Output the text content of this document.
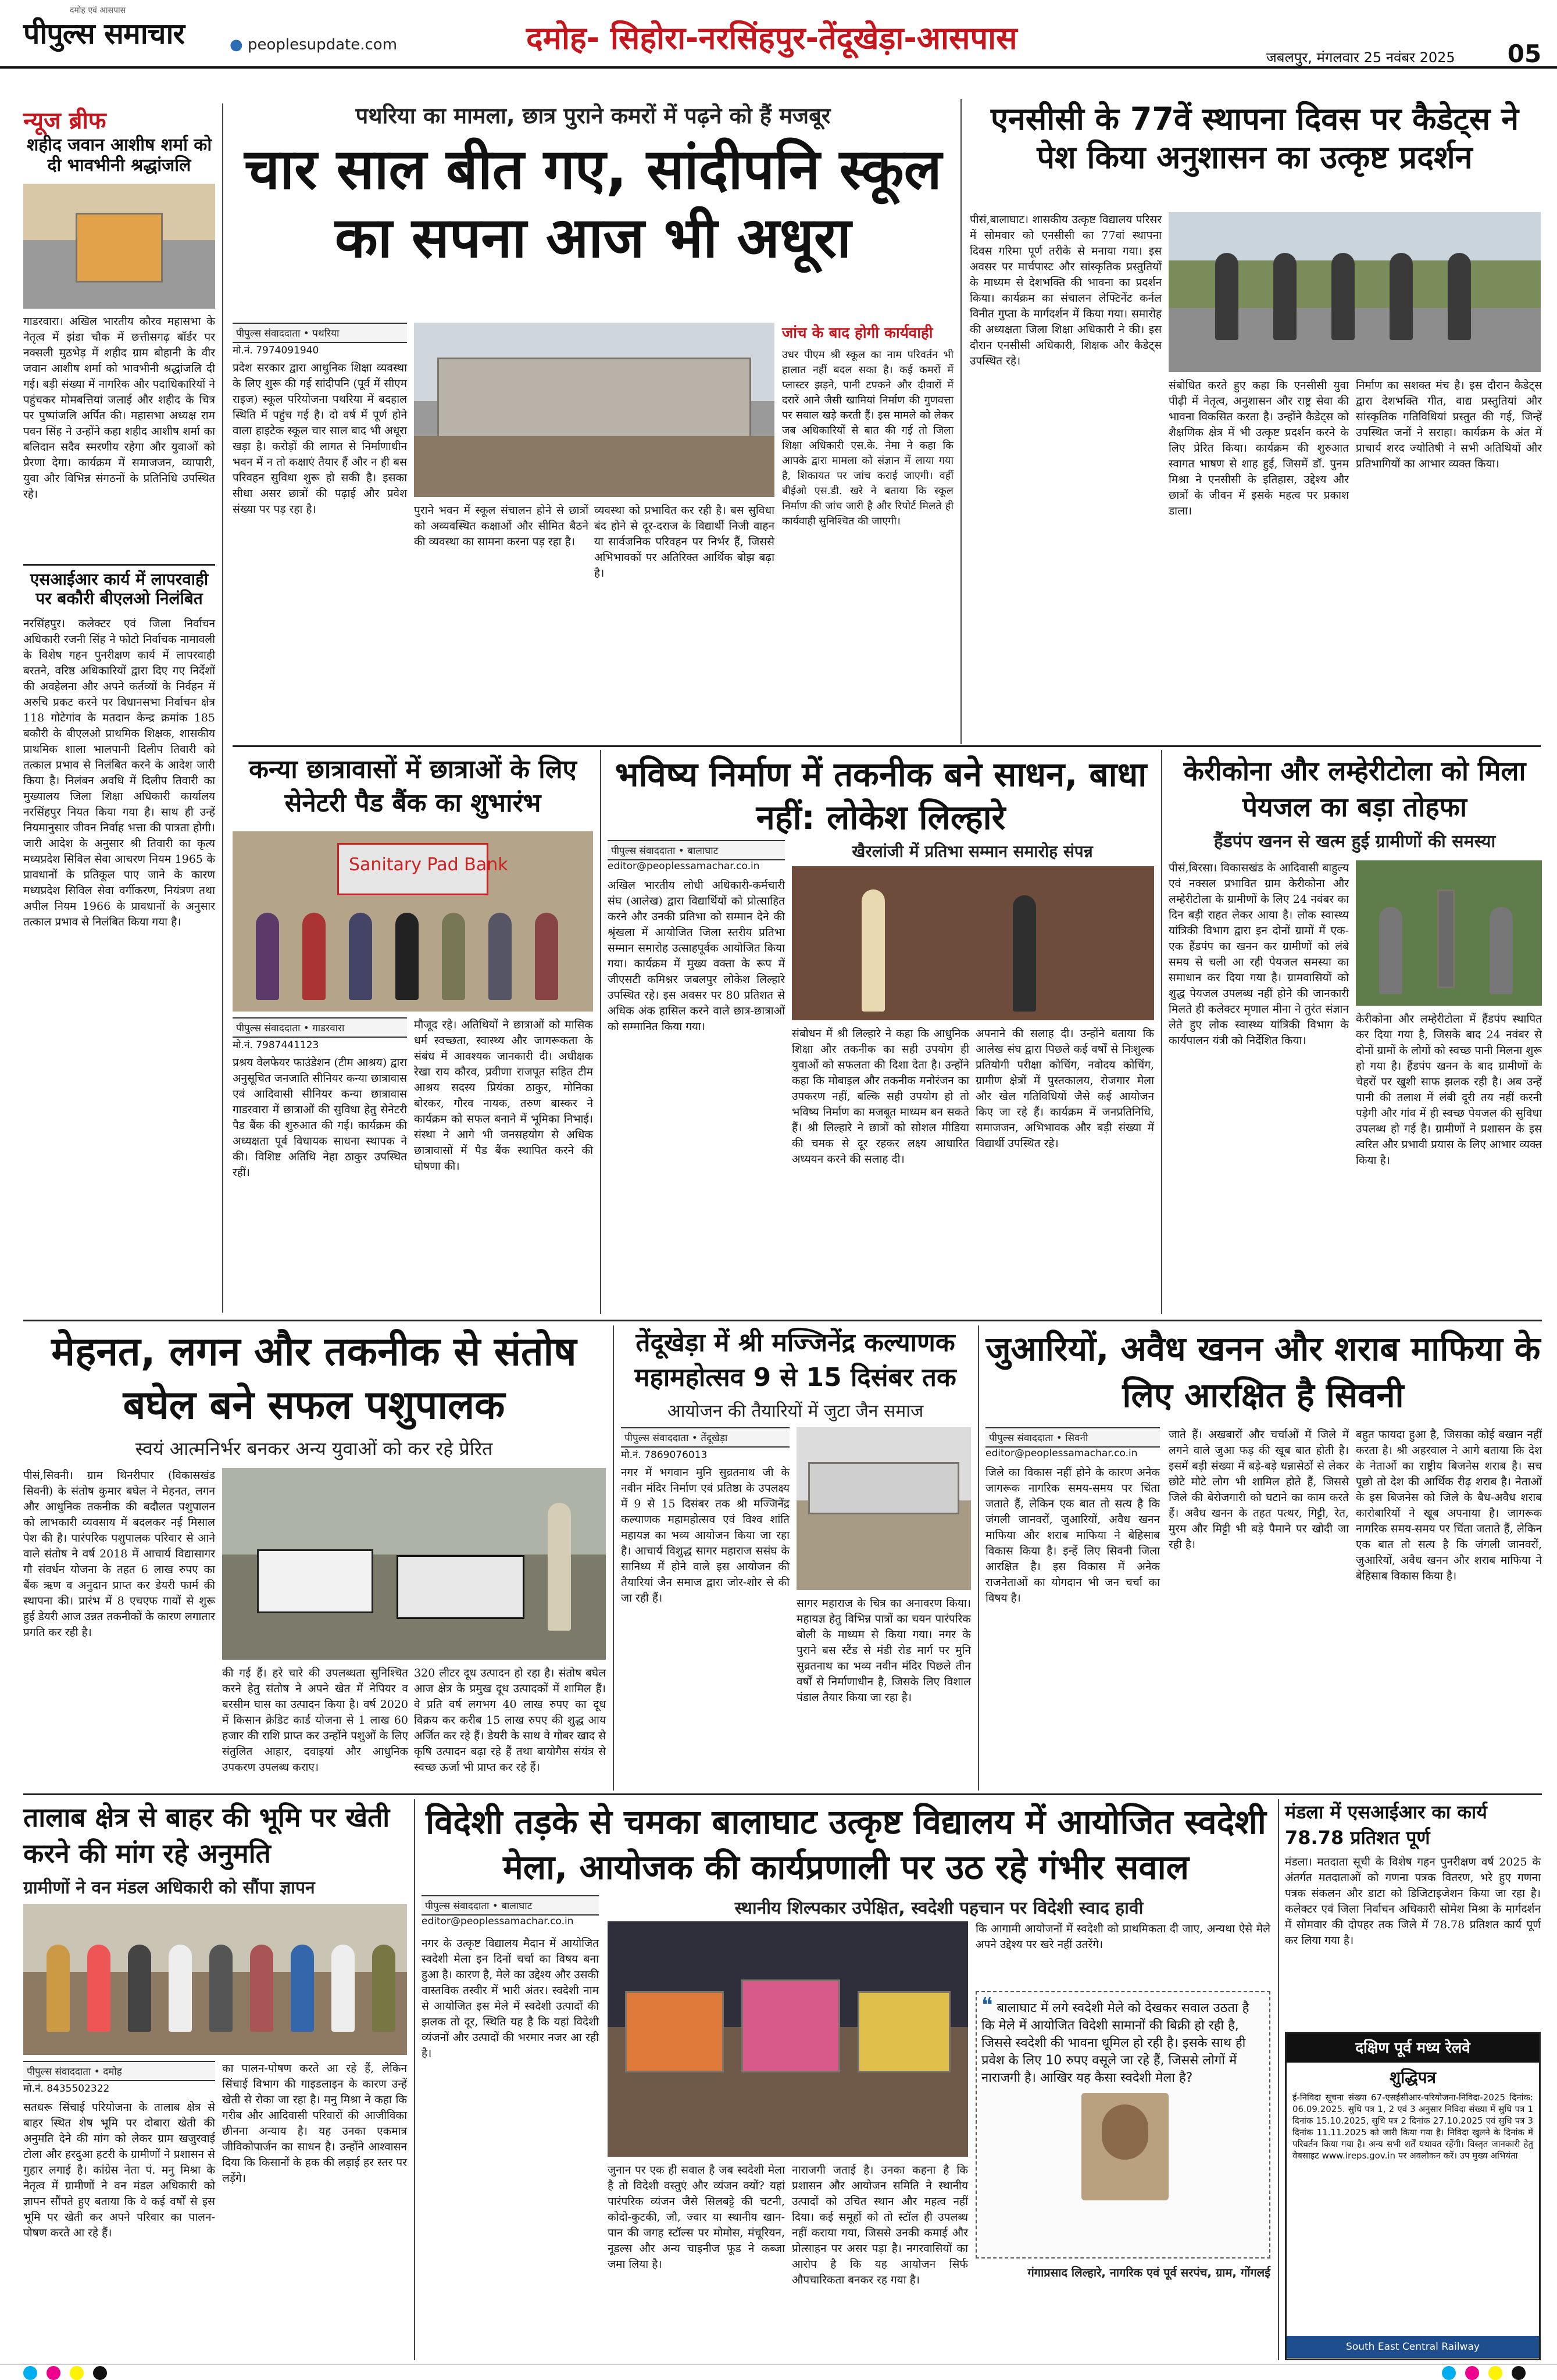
पीपुल्स समाचार
दमोह एवं आसपास
● peoplesupdate.com	दमोह- सिहोरा-नरसिंहपुर-तेंदूखेड़ा-आसपास
जबलपुर, मंगलवार 25 नवंबर 2025 05
न्यूज ब्रीफ
शहीद जवान आशीष शर्मा को दी भावभीनी श्रद्धांजलि
गाडरवारा। अखिल भारतीय कौरव महासभा के नेतृत्व में झंडा चौक में छत्तीसगढ़ बॉर्डर पर नक्सली मुठभेड़ में शहीद ग्राम बोहानी के वीर जवान आशीष शर्मा को भावभीनी श्रद्धांजलि दी गई। बड़ी संख्या में नागरिक और पदाधिकारियों ने पहुंचकर मोमबत्तियां जलाई और शहीद के चित्र पर पुष्पांजलि अर्पित की। महासभा अध्यक्ष राम पवन सिंह ने उन्होंने कहा शहीद आशीष शर्मा का बलिदान सदैव स्मरणीय रहेगा और युवाओं को प्रेरणा देगा। कार्यक्रम में समाजजन, व्यापारी, युवा और विभिन्न संगठनों के प्रतिनिधि उपस्थित रहे।
एसआईआर कार्य में लापरवाही पर बकौरी बीएलओ निलंबित
नरसिंहपुर। कलेक्टर एवं जिला निर्वाचन अधिकारी रजनी सिंह ने फोटो निर्वाचक नामावली के विशेष गहन पुनरीक्षण कार्य में लापरवाही बरतने, वरिष्ठ अधिकारियों द्वारा दिए गए निर्देशों की अवहेलना और अपने कर्तव्यों के निर्वहन में अरुचि प्रकट करने पर विधानसभा निर्वाचन क्षेत्र 118 गोटेगांव के मतदान केन्द्र क्रमांक 185 बकौरी के बीएलओ प्राथमिक शिक्षक, शासकीय प्राथमिक शाला भालपानी दिलीप तिवारी को तत्काल प्रभाव से निलंबित करने के आदेश जारी किया है। निलंबन अवधि में दिलीप तिवारी का मुख्यालय जिला शिक्षा अधिकारी कार्यालय नरसिंहपुर नियत किया गया है। साथ ही उन्हें नियमानुसार जीवन निर्वाह भत्ता की पात्रता होगी। जारी आदेश के अनुसार श्री तिवारी का कृत्य मध्यप्रदेश सिविल सेवा आचरण नियम 1965 के प्रावधानों के प्रतिकूल पाए जाने के कारण मध्यप्रदेश सिविल सेवा वर्गीकरण, नियंत्रण तथा अपील नियम 1966 के प्रावधानों के अनुसार तत्काल प्रभाव से निलंबित किया गया है।
पथरिया का मामला, छात्र पुराने कमरों में पढ़ने को हैं मजबूर
चार साल बीत गए, सांदीपनि स्कूल का सपना आज भी अधूरा
पीपुल्स संवाददाता • पथरिया
मो.नं. 7974091940
प्रदेश सरकार द्वारा आधुनिक शिक्षा व्यवस्था के लिए शुरू की गई सांदीपनि (पूर्व में सीएम राइज) स्कूल परियोजना पथरिया में बदहाल स्थिति में पहुंच गई है। दो वर्ष में पूर्ण होने वाला हाइटेक स्कूल चार साल बाद भी अधूरा खड़ा है। करोड़ों की लागत से निर्माणाधीन भवन में न तो कक्षाएं तैयार हैं और न ही बस परिवहन सुविधा शुरू हो सकी है। इसका सीधा असर छात्रों की पढ़ाई और प्रवेश संख्या पर पड़ रहा है।	पुराने भवन में स्कूल संचालन होने से छात्रों को अव्यवस्थित कक्षाओं और सीमित बैठने की व्यवस्था का सामना करना पड़ रहा है।
व्यवस्था को प्रभावित कर रही है। बस सुविधा बंद होने से दूर-दराज के विद्यार्थी निजी वाहन या सार्वजनिक परिवहन पर निर्भर हैं, जिससे अभिभावकों पर अतिरिक्त आर्थिक बोझ बढ़ा है।
जांच के बाद होगी कार्यवाही
उधर पीएम श्री स्कूल का नाम परिवर्तन भी हालात नहीं बदल सका है। कई कमरों में प्लास्टर झड़ने, पानी टपकने और दीवारों में दरारें आने जैसी खामियां निर्माण की गुणवत्ता पर सवाल खड़े करती हैं। इस मामले को लेकर जब अधिकारियों से बात की गई तो जिला शिक्षा अधिकारी एस.के. नेमा ने कहा कि आपके द्वारा मामला को संज्ञान में लाया गया है, शिकायत पर जांच कराई जाएगी। वहीं बीईओ एस.डी. खरे ने बताया कि स्कूल निर्माण की जांच जारी है और रिपोर्ट मिलते ही कार्यवाही सुनिश्चित की जाएगी।
एनसीसी के 77वें स्थापना दिवस पर कैडेट्स ने पेश किया अनुशासन का उत्कृष्ट प्रदर्शन
पीसं,बालाघाट। शासकीय उत्कृष्ट विद्यालय परिसर में सोमवार को एनसीसी का 77वां स्थापना दिवस गरिमा पूर्ण तरीके से मनाया गया। इस अवसर पर मार्चपास्ट और सांस्कृतिक प्रस्तुतियों के माध्यम से देशभक्ति की भावना का प्रदर्शन किया। कार्यक्रम का संचालन लेफ्टिनेंट कर्नल विनीत गुप्ता के मार्गदर्शन में किया गया। समारोह की अध्यक्षता जिला शिक्षा अधिकारी ने की। इस दौरान एनसीसी अधिकारी, शिक्षक और कैडेट्स उपस्थित रहे।
संबोधित करते हुए कहा कि एनसीसी युवा पीढ़ी में नेतृत्व, अनुशासन और राष्ट्र सेवा की भावना विकसित करता है। उन्होंने कैडेट्स को शैक्षणिक क्षेत्र में भी उत्कृष्ट प्रदर्शन करने के लिए प्रेरित किया। कार्यक्रम की शुरुआत स्वागत भाषण से शाह हुई, जिसमें डॉ. पुनम मिश्रा ने एनसीसी के इतिहास, उद्देश्य और छात्रों के जीवन में इसके महत्व पर प्रकाश डाला।
निर्माण का सशक्त मंच है। इस दौरान कैडेट्स द्वारा देशभक्ति गीत, वाद्य प्रस्तुतियां और सांस्कृतिक गतिविधियां प्रस्तुत की गई, जिन्हें उपस्थित जनों ने सराहा। कार्यक्रम के अंत में प्राचार्य शरद ज्योतिषी ने सभी अतिथियों और प्रतिभागियों का आभार व्यक्त किया।
कन्या छात्रावासों में छात्राओं के लिए सेनेटरी पैड बैंक का शुभारंभ
Sanitary Pad Bank
पीपुल्स संवाददाता • गाडरवारा
मो.नं. 7987441123
प्रश्रय वेलफेयर फाउंडेशन (टीम आश्रय) द्वारा अनुसूचित जनजाति सीनियर कन्या छात्रावास एवं आदिवासी सीनियर कन्या छात्रावास गाडरवारा में छात्राओं की सुविधा हेतु सेनेटरी पैड बैंक की शुरुआत की गई। कार्यक्रम की अध्यक्षता पूर्व विधायक साधना स्थापक ने की। विशिष्ट अतिथि नेहा ठाकुर उपस्थित रहीं।
मौजूद रहे। अतिथियों ने छात्राओं को मासिक धर्म स्वच्छता, स्वास्थ्य और जागरूकता के संबंध में आवश्यक जानकारी दी। अधीक्षक रेखा राय कौरव, प्रवीणा राजपूत सहित टीम आश्रय सदस्य प्रियंका ठाकुर, मोनिका बोरकर, गौरव नायक, तरुण बास्कर ने कार्यक्रम को सफल बनाने में भूमिका निभाई। संस्था ने आगे भी जनसहयोग से अधिक छात्रावासों में पैड बैंक स्थापित करने की घोषणा की।
भविष्य निर्माण में तकनीक बने साधन, बाधा नहीं: लोकेश लिल्हारे
पीपुल्स संवाददाता • बालाघाट	खैरलांजी में प्रतिभा सम्मान समारोह संपन्न
editor@peoplessamachar.co.in
अखिल भारतीय लोधी अधिकारी-कर्मचारी संघ (आलेख) द्वारा विद्यार्थियों को प्रोत्साहित करने और उनकी प्रतिभा को सम्मान देने की श्रृंखला में आयोजित जिला स्तरीय प्रतिभा सम्मान समारोह उत्साहपूर्वक आयोजित किया गया। कार्यक्रम में मुख्य वक्ता के रूप में जीएसटी कमिश्नर जबलपुर लोकेश लिल्हारे उपस्थित रहे। इस अवसर पर 80 प्रतिशत से अधिक अंक हासिल करने वाले छात्र-छात्राओं को सम्मानित किया गया।
संबोधन में श्री लिल्हारे ने कहा कि आधुनिक शिक्षा और तकनीक का सही उपयोग ही युवाओं को सफलता की दिशा देता है। उन्होंने कहा कि मोबाइल और तकनीक मनोरंजन का उपकरण नहीं, बल्कि सही उपयोग हो तो भविष्य निर्माण का मजबूत माध्यम बन सकते हैं। श्री लिल्हारे ने छात्रों को सोशल मीडिया की चमक से दूर रहकर लक्ष्य आधारित अध्ययन करने की सलाह दी।
अपनाने की सलाह दी। उन्होंने बताया कि आलेख संघ द्वारा पिछले कई वर्षों से निःशुल्क प्रतियोगी परीक्षा कोचिंग, नवोदय कोचिंग, ग्रामीण क्षेत्रों में पुस्तकालय, रोजगार मेला और खेल गतिविधियों जैसे कई आयोजन किए जा रहे हैं। कार्यक्रम में जनप्रतिनिधि, समाजजन, अभिभावक और बड़ी संख्या में विद्यार्थी उपस्थित रहे।
केरीकोना और लम्हेरीटोला को मिला पेयजल का बड़ा तोहफा
हैंडपंप खनन से खत्म हुई ग्रामीणों की समस्या
पीसं,बिरसा। विकासखंड के आदिवासी बाहुल्य एवं नक्सल प्रभावित ग्राम केरीकोना और लम्हेरीटोला के ग्रामीणों के लिए 24 नवंबर का दिन बड़ी राहत लेकर आया है। लोक स्वास्थ्य यांत्रिकी विभाग द्वारा इन दोनों ग्रामों में एक-एक हैंडपंप का खनन कर ग्रामीणों को लंबे समय से चली आ रही पेयजल समस्या का समाधान कर दिया गया है। ग्रामवासियों को शुद्ध पेयजल उपलब्ध नहीं होने की जानकारी मिलते ही कलेक्टर मृणाल मीना ने तुरंत संज्ञान लेते हुए लोक स्वास्थ्य यांत्रिकी विभाग के कार्यपालन यंत्री को निर्देशित किया।
केरीकोना और लम्हेरीटोला में हैंडपंप स्थापित कर दिया गया है, जिसके बाद 24 नवंबर से दोनों ग्रामों के लोगों को स्वच्छ पानी मिलना शुरू हो गया है। हैंडपंप खनन के बाद ग्रामीणों के चेहरों पर खुशी साफ झलक रही है। अब उन्हें पानी की तलाश में लंबी दूरी तय नहीं करनी पड़ेगी और गांव में ही स्वच्छ पेयजल की सुविधा उपलब्ध हो गई है। ग्रामीणों ने प्रशासन के इस त्वरित और प्रभावी प्रयास के लिए आभार व्यक्त किया है।
मेहनत, लगन और तकनीक से संतोष बघेल बने सफल पशुपालक
स्वयं आत्मनिर्भर बनकर अन्य युवाओं को कर रहे प्रेरित
पीसं,सिवनी। ग्राम थिनरीपार (विकासखंड सिवनी) के संतोष कुमार बघेल ने मेहनत, लगन और आधुनिक तकनीक की बदौलत पशुपालन को लाभकारी व्यवसाय में बदलकर नई मिसाल पेश की है। पारंपरिक पशुपालक परिवार से आने वाले संतोष ने वर्ष 2018 में आचार्य विद्यासागर गौ संवर्धन योजना के तहत 6 लाख रुपए का बैंक ऋण व अनुदान प्राप्त कर डेयरी फार्म की स्थापना की। प्रारंभ में 8 एचएफ गायों से शुरू हुई डेयरी आज उन्नत तकनीकों के कारण लगातार प्रगति कर रही है।
की गई हैं। हरे चारे की उपलब्धता सुनिश्चित करने हेतु संतोष ने अपने खेत में नेपियर व बरसीम घास का उत्पादन किया है। वर्ष 2020 में किसान क्रेडिट कार्ड योजना से 1 लाख 60 हजार की राशि प्राप्त कर उन्होंने पशुओं के लिए संतुलित आहार, दवाइयां और आधुनिक उपकरण उपलब्ध कराए।
320 लीटर दूध उत्पादन हो रहा है। संतोष बघेल आज क्षेत्र के प्रमुख दूध उत्पादकों में शामिल हैं। वे प्रति वर्ष लगभग 40 लाख रुपए का दूध विक्रय कर करीब 15 लाख रुपए की शुद्ध आय अर्जित कर रहे हैं। डेयरी के साथ वे गोबर खाद से कृषि उत्पादन बढ़ा रहे हैं तथा बायोगैस संयंत्र से स्वच्छ ऊर्जा भी प्राप्त कर रहे हैं।
तेंदूखेड़ा में श्री मज्जिनेंद्र कल्याणक महामहोत्सव 9 से 15 दिसंबर तक
आयोजन की तैयारियों में जुटा जैन समाज
पीपुल्स संवाददाता • तेंदूखेड़ा
मो.नं. 7869076013
नगर में भगवान मुनि सुव्रतनाथ जी के नवीन मंदिर निर्माण एवं प्रतिष्ठा के उपलक्ष्य में 9 से 15 दिसंबर तक श्री मज्जिनेंद्र कल्याणक महामहोत्सव एवं विश्व शांति महायज्ञ का भव्य आयोजन किया जा रहा है। आचार्य विशुद्ध सागर महाराज ससंघ के सानिध्य में होने वाले इस आयोजन की तैयारियां जैन समाज द्वारा जोर-शोर से की जा रही हैं।	सागर महाराज के चित्र का अनावरण किया। महायज्ञ हेतु विभिन्न पात्रों का चयन पारंपरिक बोली के माध्यम से किया गया। नगर के पुराने बस स्टैंड से मंडी रोड मार्ग पर मुनि सुव्रतनाथ का भव्य नवीन मंदिर पिछले तीन वर्षों से निर्माणाधीन है, जिसके लिए विशाल पंडाल तैयार किया जा रहा है।
जुआरियों, अवैध खनन और शराब माफिया के लिए आरक्षित है सिवनी
पीपुल्स संवाददाता • सिवनी
editor@peoplessamachar.co.in
जिले का विकास नहीं होने के कारण अनेक जागरूक नागरिक समय-समय पर चिंता जताते हैं, लेकिन एक बात तो सत्य है कि जंगली जानवरों, जुआरियों, अवैध खनन माफिया और शराब माफिया ने बेहिसाब विकास किया है। इन्हें लिए सिवनी जिला आरक्षित है। इस विकास में अनेक राजनेताओं का योगदान भी जन चर्चा का विषय है।
जाते हैं। अखबारों और चर्चाओं में जिले में लगने वाले जुआ फड़ की खूब बात होती है। इसमें बड़ी संख्या में बड़े-बड़े धन्नासेठों से लेकर छोटे मोटे लोग भी शामिल होते हैं, जिससे जिले की बेरोजगारी को घटाने का काम करते हैं। अवैध खनन के तहत पत्थर, गिट्टी, रेत, मुरम और मिट्टी भी बड़े पैमाने पर खोदी जा रही है।
बहुत फायदा हुआ है, जिसका कोई बखान नहीं करता है। श्री अहरवाल ने आगे बताया कि देश के नेताओं का राष्ट्रीय बिजनेस शराब है। सच पूछो तो देश की आर्थिक रीढ़ शराब है। नेताओं के इस बिजनेस को जिले के बैध-अवैध शराब कारोबारियों ने खूब अपनाया है। जागरूक नागरिक समय-समय पर चिंता जताते हैं, लेकिन एक बात तो सत्य है कि जंगली जानवरों, जुआरियों, अवैध खनन और शराब माफिया ने बेहिसाब विकास किया है।
तालाब क्षेत्र से बाहर की भूमि पर खेती करने की मांग रहे अनुमति
ग्रामीणों ने वन मंडल अधिकारी को सौंपा ज्ञापन
पीपुल्स संवाददाता • दमोह
मो.नं. 8435502322
सतधरू सिंचाई परियोजना के तालाब क्षेत्र से बाहर स्थित शेष भूमि पर दोबारा खेती की अनुमति देने की मांग को लेकर ग्राम खजुरवाई टोला और हरदुआ हटरी के ग्रामीणों ने प्रशासन से गुहार लगाई है। कांग्रेस नेता पं. मनु मिश्रा के नेतृत्व में ग्रामीणों ने वन मंडल अधिकारी को ज्ञापन सौंपते हुए बताया कि वे कई वर्षों से इस भूमि पर खेती कर अपने परिवार का पालन-पोषण करते आ रहे हैं।
का पालन-पोषण करते आ रहे हैं, लेकिन सिंचाई विभाग की गाइडलाइन के कारण उन्हें खेती से रोका जा रहा है। मनु मिश्रा ने कहा कि गरीब और आदिवासी परिवारों की आजीविका छीनना अन्याय है। यह उनका एकमात्र जीविकोपार्जन का साधन है। उन्होंने आश्वासन दिया कि किसानों के हक की लड़ाई हर स्तर पर लड़ेंगे।
विदेशी तड़के से चमका बालाघाट उत्कृष्ट विद्यालय में आयोजित स्वदेशी मेला, आयोजक की कार्यप्रणाली पर उठ रहे गंभीर सवाल
स्थानीय शिल्पकार उपेक्षित, स्वदेशी पहचान पर विदेशी स्वाद हावी
पीपुल्स संवाददाता • बालाघाट
editor@peoplessamachar.co.in
नगर के उत्कृष्ट विद्यालय मैदान में आयोजित स्वदेशी मेला इन दिनों चर्चा का विषय बना हुआ है। कारण है, मेले का उद्देश्य और उसकी वास्तविक तस्वीर में भारी अंतर। स्वदेशी नाम से आयोजित इस मेले में स्वदेशी उत्पादों की झलक तो दूर, स्थिति यह है कि यहां विदेशी व्यंजनों और उत्पादों की भरमार नजर आ रही है।
जुनान पर एक ही सवाल है जब स्वदेशी मेला है तो विदेशी वस्तुएं और व्यंजन क्यों? यहां पारंपरिक व्यंजन जैसे सिलबट्टे की चटनी, कोदो-कुटकी, जौ, ज्वार या स्थानीय खान-पान की जगह स्टॉल्स पर मोमोस, मंचूरियन, नूडल्स और अन्य चाइनीज फूड ने कब्जा जमा लिया है।
नाराजगी जताई है। उनका कहना है कि प्रशासन और आयोजन समिति ने स्थानीय उत्पादों को उचित स्थान और महत्व नहीं दिया। कई समूहों को तो स्टॉल ही उपलब्ध नहीं कराया गया, जिससे उनकी कमाई और प्रोत्साहन पर असर पड़ा है। नगरवासियों का आरोप है कि यह आयोजन सिर्फ औपचारिकता बनकर रह गया है।
कि आगामी आयोजनों में स्वदेशी को प्राथमिकता दी जाए, अन्यथा ऐसे मेले अपने उद्देश्य पर खरे नहीं उतरेंगे।
❝ बालाघाट में लगे स्वदेशी मेले को देखकर सवाल उठता है कि मेले में आयोजित विदेशी सामानों की बिक्री हो रही है, जिससे स्वदेशी की भावना धूमिल हो रही है। इसके साथ ही प्रवेश के लिए 10 रुपए वसूले जा रहे हैं, जिससे लोगों में नाराजगी है। आखिर यह कैसा स्वदेशी मेला है?
गंगाप्रसाद लिल्हारे, नागरिक एवं पूर्व सरपंच, ग्राम, गोंगलई
मंडला में एसआईआर का कार्य 78.78 प्रतिशत पूर्ण
मंडला। मतदाता सूची के विशेष गहन पुनरीक्षण वर्ष 2025 के अंतर्गत मतदाताओं को गणना पत्रक वितरण, भरे हुए गणना पत्रक संकलन और डाटा को डिजिटाइजेशन किया जा रहा है। कलेक्टर एवं जिला निर्वाचन अधिकारी सोमेश मिश्रा के मार्गदर्शन में सोमवार की दोपहर तक जिले में 78.78 प्रतिशत कार्य पूर्ण कर लिया गया है।
दक्षिण पूर्व मध्य रेलवे
शुद्धिपत्र
ई-निविदा सूचना संख्या 67-एसईसीआर-परियोजना-निविदा-2025 दिनांक: 06.09.2025. सुधि पत्र 1, 2 एवं 3 अनुसार निविदा संख्या में सुधि पत्र 1 दिनांक 15.10.2025, सुधि पत्र 2 दिनांक 27.10.2025 एवं सुधि पत्र 3 दिनांक 11.11.2025 को जारी किया गया है। निविदा खुलने के दिनांक में परिवर्तन किया गया है। अन्य सभी शर्तें यथावत रहेंगी। विस्तृत जानकारी हेतु वेबसाइट www.ireps.gov.in पर अवलोकन करें। उप मुख्य अभियंता
South East Central Railway
